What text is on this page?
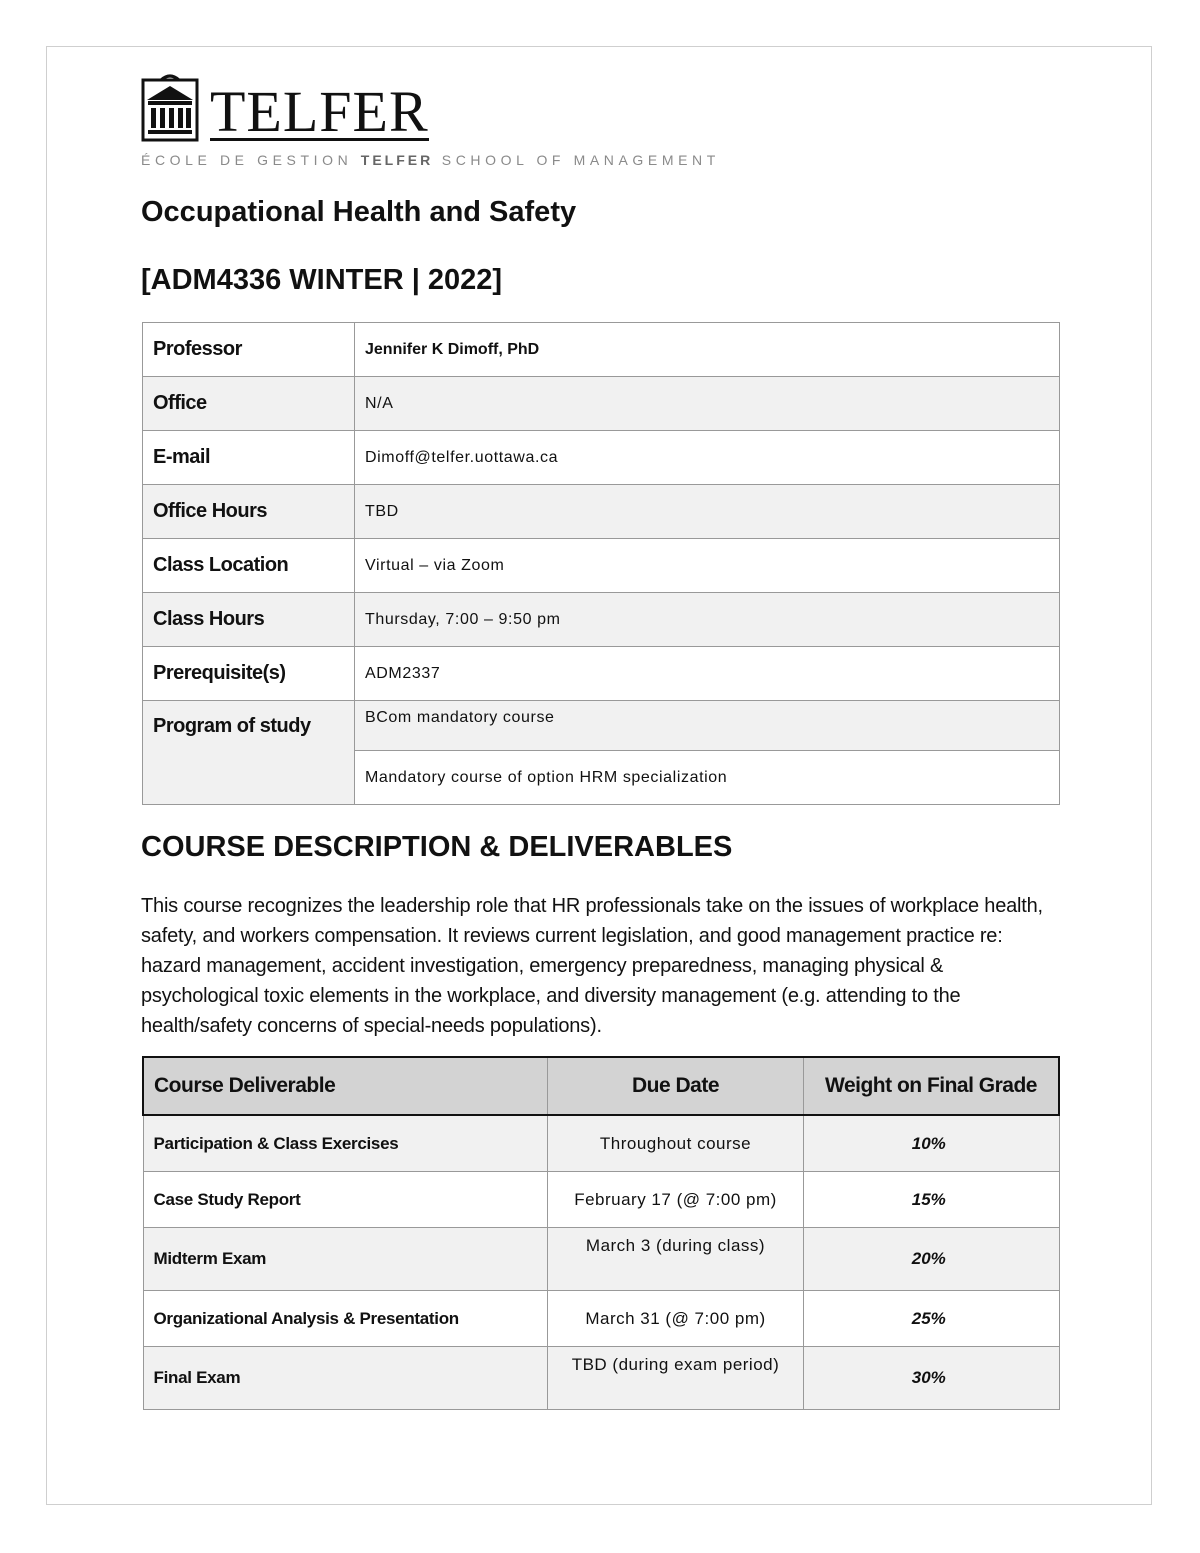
TELFER
ÉCOLE DE GESTION TELFER SCHOOL OF MANAGEMENT
Occupational Health and Safety
[ADM4336 WINTER | 2022]
Professor	Jennifer K Dimoff, PhD
Office	N/A
E-mail	Dimoff@telfer.uottawa.ca
Office Hours	TBD
Class Location	Virtual – via Zoom
Class Hours	Thursday, 7:00 – 9:50 pm
Prerequisite(s)	ADM2337
Program of study	BCom mandatory course
	Mandatory course of option HRM specialization
COURSE DESCRIPTION & DELIVERABLES

This course recognizes the leadership role that HR professionals take on the issues of workplace health, safety, and workers compensation. It reviews current legislation, and good management practice re: hazard management, accident investigation, emergency preparedness, managing physical & psychological toxic elements in the workplace, and diversity management (e.g. attending to the health/safety concerns of special-needs populations).

Course Deliverable	Due Date	Weight on Final Grade
Participation & Class Exercises	Throughout course	10%
Case Study Report	February 17 (@ 7:00 pm)	15%
Midterm Exam	March 3 (during class)	20%
Organizational Analysis & Presentation	March 31 (@ 7:00 pm)	25%
Final Exam	TBD (during exam period)	30%
